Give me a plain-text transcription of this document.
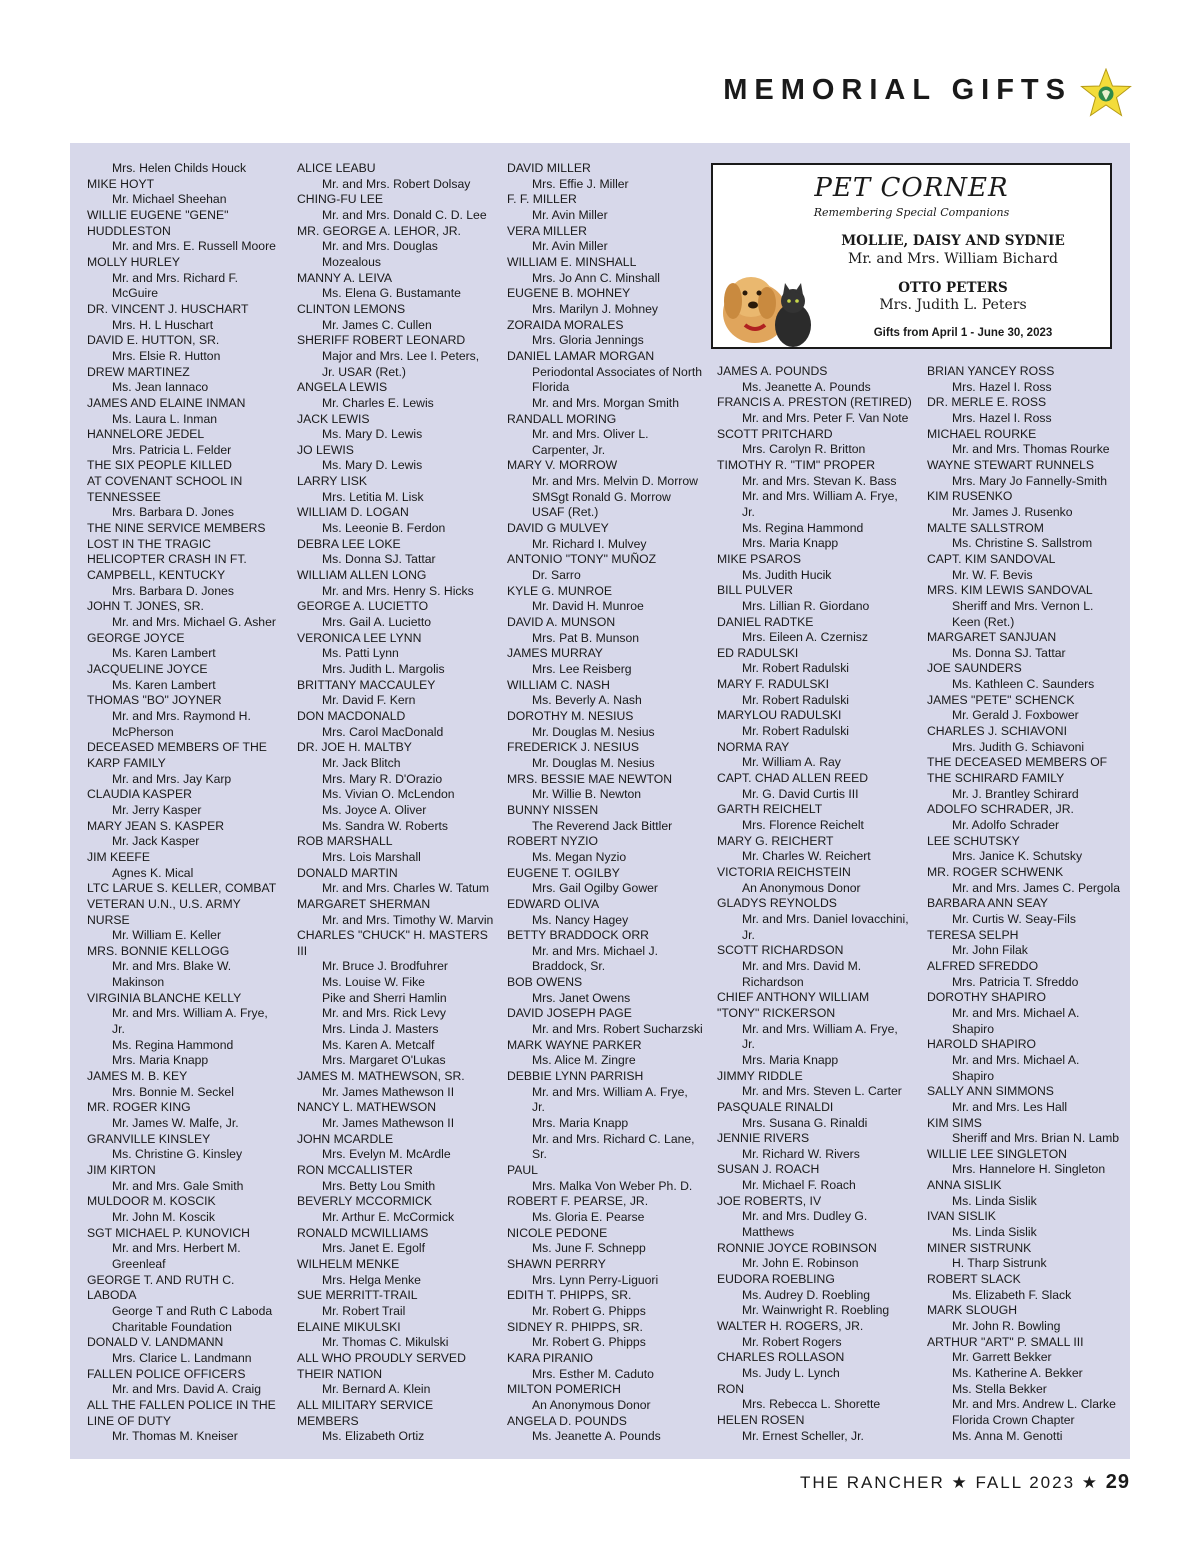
MEMORIAL GIFTS
Mrs. Helen Childs Houck
MIKE HOYT
Mr. Michael Sheehan
WILLIE EUGENE "GENE"
HUDDLESTON
Mr. and Mrs. E. Russell Moore
MOLLY HURLEY
Mr. and Mrs. Richard F.
McGuire
DR. VINCENT J. HUSCHART
Mrs. H. L Huschart
DAVID E. HUTTON, SR.
Mrs. Elsie R. Hutton
DREW MARTINEZ
Ms. Jean Iannaco
JAMES AND ELAINE INMAN
Ms. Laura L. Inman
HANNELORE JEDEL
Mrs. Patricia L. Felder
THE SIX PEOPLE KILLED
AT COVENANT SCHOOL IN
TENNESSEE
Mrs. Barbara D. Jones
THE NINE SERVICE MEMBERS
LOST IN THE TRAGIC
HELICOPTER CRASH IN FT.
CAMPBELL, KENTUCKY
Mrs. Barbara D. Jones
JOHN T. JONES, SR.
Mr. and Mrs. Michael G. Asher
GEORGE JOYCE
Ms. Karen Lambert
JACQUELINE JOYCE
Ms. Karen Lambert
THOMAS "BO" JOYNER
Mr. and Mrs. Raymond H.
McPherson
DECEASED MEMBERS OF THE
KARP FAMILY
Mr. and Mrs. Jay Karp
CLAUDIA KASPER
Mr. Jerry Kasper
MARY JEAN S. KASPER
Mr. Jack Kasper
JIM KEEFE
Agnes K. Mical
LTC LARUE S. KELLER, COMBAT
VETERAN U.N., U.S. ARMY
NURSE
Mr. William E. Keller
MRS. BONNIE KELLOGG
Mr. and Mrs. Blake W.
Makinson
VIRGINIA BLANCHE KELLY
Mr. and Mrs. William A. Frye,
Jr.
Ms. Regina Hammond
Mrs. Maria Knapp
JAMES M. B. KEY
Mrs. Bonnie M. Seckel
MR. ROGER KING
Mr. James W. Malfe, Jr.
GRANVILLE KINSLEY
Ms. Christine G. Kinsley
JIM KIRTON
Mr. and Mrs. Gale Smith
MULDOOR M. KOSCIK
Mr. John M. Koscik
SGT MICHAEL P. KUNOVICH
Mr. and Mrs. Herbert M.
Greenleaf
GEORGE T. AND RUTH C.
LABODA
George T and Ruth C Laboda
Charitable Foundation
DONALD V. LANDMANN
Mrs. Clarice L. Landmann
FALLEN POLICE OFFICERS
Mr. and Mrs. David A. Craig
ALL THE FALLEN POLICE IN THE
LINE OF DUTY
Mr. Thomas M. Kneiser
ALICE LEABU
Mr. and Mrs. Robert Dolsay
CHING-FU LEE
Mr. and Mrs. Donald C. D. Lee
MR. GEORGE A. LEHOR, JR.
Mr. and Mrs. Douglas
Mozealous
MANNY A. LEIVA
Ms. Elena G. Bustamante
CLINTON LEMONS
Mr. James C. Cullen
SHERIFF ROBERT LEONARD
Major and Mrs. Lee I. Peters,
Jr. USAR (Ret.)
ANGELA LEWIS
Mr. Charles E. Lewis
JACK LEWIS
Ms. Mary D. Lewis
JO LEWIS
Ms. Mary D. Lewis
LARRY LISK
Mrs. Letitia M. Lisk
WILLIAM D. LOGAN
Ms. Leeonie B. Ferdon
DEBRA LEE LOKE
Ms. Donna SJ. Tattar
WILLIAM ALLEN LONG
Mr. and Mrs. Henry S. Hicks
GEORGE A. LUCIETTO
Mrs. Gail A. Lucietto
VERONICA LEE LYNN
Ms. Patti Lynn
Mrs. Judith L. Margolis
BRITTANY MACCAULEY
Mr. David F. Kern
DON MACDONALD
Mrs. Carol MacDonald
DR. JOE H. MALTBY
Mr. Jack Blitch
Mrs. Mary R. D'Orazio
Ms. Vivian O. McLendon
Ms. Joyce A. Oliver
Ms. Sandra W. Roberts
ROB MARSHALL
Mrs. Lois Marshall
DONALD MARTIN
Mr. and Mrs. Charles W. Tatum
MARGARET SHERMAN
Mr. and Mrs. Timothy W. Marvin
CHARLES "CHUCK" H. MASTERS
III
Mr. Bruce J. Brodfuhrer
Ms. Louise W. Fike
Pike and Sherri Hamlin
Mr. and Mrs. Rick Levy
Mrs. Linda J. Masters
Ms. Karen A. Metcalf
Mrs. Margaret O'Lukas
JAMES M. MATHEWSON, SR.
Mr. James Mathewson II
NANCY L. MATHEWSON
Mr. James Mathewson II
JOHN MCARDLE
Mrs. Evelyn M. McArdle
RON MCCALLISTER
Mrs. Betty Lou Smith
BEVERLY MCCORMICK
Mr. Arthur E. McCormick
RONALD MCWILLIAMS
Mrs. Janet E. Egolf
WILHELM MENKE
Mrs. Helga Menke
SUE MERRITT-TRAIL
Mr. Robert Trail
ELAINE MIKULSKI
Mr. Thomas C. Mikulski
ALL WHO PROUDLY SERVED
THEIR NATION
Mr. Bernard A. Klein
ALL MILITARY SERVICE
MEMBERS
Ms. Elizabeth Ortiz
DAVID MILLER
Mrs. Effie J. Miller
F. F. MILLER
Mr. Avin Miller
VERA MILLER
Mr. Avin Miller
WILLIAM E. MINSHALL
Mrs. Jo Ann C. Minshall
EUGENE B. MOHNEY
Mrs. Marilyn J. Mohney
ZORAIDA MORALES
Mrs. Gloria Jennings
DANIEL LAMAR MORGAN
Periodontal Associates of North
Florida
Mr. and Mrs. Morgan Smith
RANDALL MORING
Mr. and Mrs. Oliver L.
Carpenter, Jr.
MARY V. MORROW
Mr. and Mrs. Melvin D. Morrow
SMSgt Ronald G. Morrow
USAF (Ret.)
DAVID G MULVEY
Mr. Richard I. Mulvey
ANTONIO "TONY" MUÑOZ
Dr. Sarro
KYLE G. MUNROE
Mr. David H. Munroe
DAVID A. MUNSON
Mrs. Pat B. Munson
JAMES MURRAY
Mrs. Lee Reisberg
WILLIAM C. NASH
Ms. Beverly A. Nash
DOROTHY M. NESIUS
Mr. Douglas M. Nesius
FREDERICK J. NESIUS
Mr. Douglas M. Nesius
MRS. BESSIE MAE NEWTON
Mr. Willie B. Newton
BUNNY NISSEN
The Reverend Jack Bittler
ROBERT NYZIO
Ms. Megan Nyzio
EUGENE T. OGILBY
Mrs. Gail Ogilby Gower
EDWARD OLIVA
Ms. Nancy Hagey
BETTY BRADDOCK ORR
Mr. and Mrs. Michael J.
Braddock, Sr.
BOB OWENS
Mrs. Janet Owens
DAVID JOSEPH PAGE
Mr. and Mrs. Robert Sucharzski
MARK WAYNE PARKER
Ms. Alice M. Zingre
DEBBIE LYNN PARRISH
Mr. and Mrs. William A. Frye,
Jr.
Mrs. Maria Knapp
Mr. and Mrs. Richard C. Lane,
Sr.
PAUL
Mrs. Malka Von Weber Ph. D.
ROBERT F. PEARSE, JR.
Ms. Gloria E. Pearse
NICOLE PEDONE
Ms. June F. Schnepp
SHAWN PERRRY
Mrs. Lynn Perry-Liguori
EDITH T. PHIPPS, SR.
Mr. Robert G. Phipps
SIDNEY R. PHIPPS, SR.
Mr. Robert G. Phipps
KARA PIRANIO
Mrs. Esther M. Caduto
MILTON POMERICH
An Anonymous Donor
ANGELA D. POUNDS
Ms. Jeanette A. Pounds
JAMES A. POUNDS
Ms. Jeanette A. Pounds
FRANCIS A. PRESTON (RETIRED)
Mr. and Mrs. Peter F. Van Note
SCOTT PRITCHARD
Mrs. Carolyn R. Britton
TIMOTHY R. "TIM" PROPER
Mr. and Mrs. Stevan K. Bass
Mr. and Mrs. William A. Frye,
Jr.
Ms. Regina Hammond
Mrs. Maria Knapp
MIKE PSAROS
Ms. Judith Hucik
BILL PULVER
Mrs. Lillian R. Giordano
DANIEL RADTKE
Mrs. Eileen A. Czernisz
ED RADULSKI
Mr. Robert Radulski
MARY F. RADULSKI
Mr. Robert Radulski
MARYLOU RADULSKI
Mr. Robert Radulski
NORMA RAY
Mr. William A. Ray
CAPT. CHAD ALLEN REED
Mr. G. David Curtis III
GARTH REICHELT
Mrs. Florence Reichelt
MARY G. REICHERT
Mr. Charles W. Reichert
VICTORIA REICHSTEIN
An Anonymous Donor
GLADYS REYNOLDS
Mr. and Mrs. Daniel Iovacchini,
Jr.
SCOTT RICHARDSON
Mr. and Mrs. David M.
Richardson
CHIEF ANTHONY WILLIAM
"TONY" RICKERSON
Mr. and Mrs. William A. Frye,
Jr.
Mrs. Maria Knapp
JIMMY RIDDLE
Mr. and Mrs. Steven L. Carter
PASQUALE RINALDI
Mrs. Susana G. Rinaldi
JENNIE RIVERS
Mr. Richard W. Rivers
SUSAN J. ROACH
Mr. Michael F. Roach
JOE ROBERTS, IV
Mr. and Mrs. Dudley G.
Matthews
RONNIE JOYCE ROBINSON
Mr. John E. Robinson
EUDORA ROEBLING
Ms. Audrey D. Roebling
Mr. Wainwright R. Roebling
WALTER H. ROGERS, JR.
Mr. Robert Rogers
CHARLES ROLLASON
Ms. Judy L. Lynch
RON
Mrs. Rebecca L. Shorette
HELEN ROSEN
Mr. Ernest Scheller, Jr.
BRIAN YANCEY ROSS
Mrs. Hazel I. Ross
DR. MERLE E. ROSS
Mrs. Hazel I. Ross
MICHAEL ROURKE
Mr. and Mrs. Thomas Rourke
WAYNE STEWART RUNNELS
Mrs. Mary Jo Fannelly-Smith
KIM RUSENKO
Mr. James J. Rusenko
MALTE SALLSTROM
Ms. Christine S. Sallstrom
CAPT. KIM SANDOVAL
Mr. W. F. Bevis
MRS. KIM LEWIS SANDOVAL
Sheriff and Mrs. Vernon L.
Keen (Ret.)
MARGARET SANJUAN
Ms. Donna SJ. Tattar
JOE SAUNDERS
Ms. Kathleen C. Saunders
JAMES "PETE" SCHENCK
Mr. Gerald J. Foxbower
CHARLES J. SCHIAVONI
Mrs. Judith G. Schiavoni
THE DECEASED MEMBERS OF
THE SCHIRARD FAMILY
Mr. J. Brantley Schirard
ADOLFO SCHRADER, JR.
Mr. Adolfo Schrader
LEE SCHUTSKY
Mrs. Janice K. Schutsky
MR. ROGER SCHWENK
Mr. and Mrs. James C. Pergola
BARBARA ANN SEAY
Mr. Curtis W. Seay-Fils
TERESA SELPH
Mr. John Filak
ALFRED SFREDDO
Mrs. Patricia T. Sfreddo
DOROTHY SHAPIRO
Mr. and Mrs. Michael A.
Shapiro
HAROLD SHAPIRO
Mr. and Mrs. Michael A.
Shapiro
SALLY ANN SIMMONS
Mr. and Mrs. Les Hall
KIM SIMS
Sheriff and Mrs. Brian N. Lamb
WILLIE LEE SINGLETON
Mrs. Hannelore H. Singleton
ANNA SISLIK
Ms. Linda Sislik
IVAN SISLIK
Ms. Linda Sislik
MINER SISTRUNK
H. Tharp Sistrunk
ROBERT SLACK
Ms. Elizabeth F. Slack
MARK SLOUGH
Mr. John R. Bowling
ARTHUR "ART" P. SMALL III
Mr. Garrett Bekker
Ms. Katherine A. Bekker
Ms. Stella Bekker
Mr. and Mrs. Andrew L. Clarke
Florida Crown Chapter
Ms. Anna M. Genotti
PET CORNER
Remembering Special Companions
MOLLIE, DAISY AND SYDNIE
Mr. and Mrs. William Bichard
OTTO PETERS
Mrs. Judith L. Peters
Gifts from April 1 - June 30, 2023
THE RANCHER ★ FALL 2023 ★ 29
